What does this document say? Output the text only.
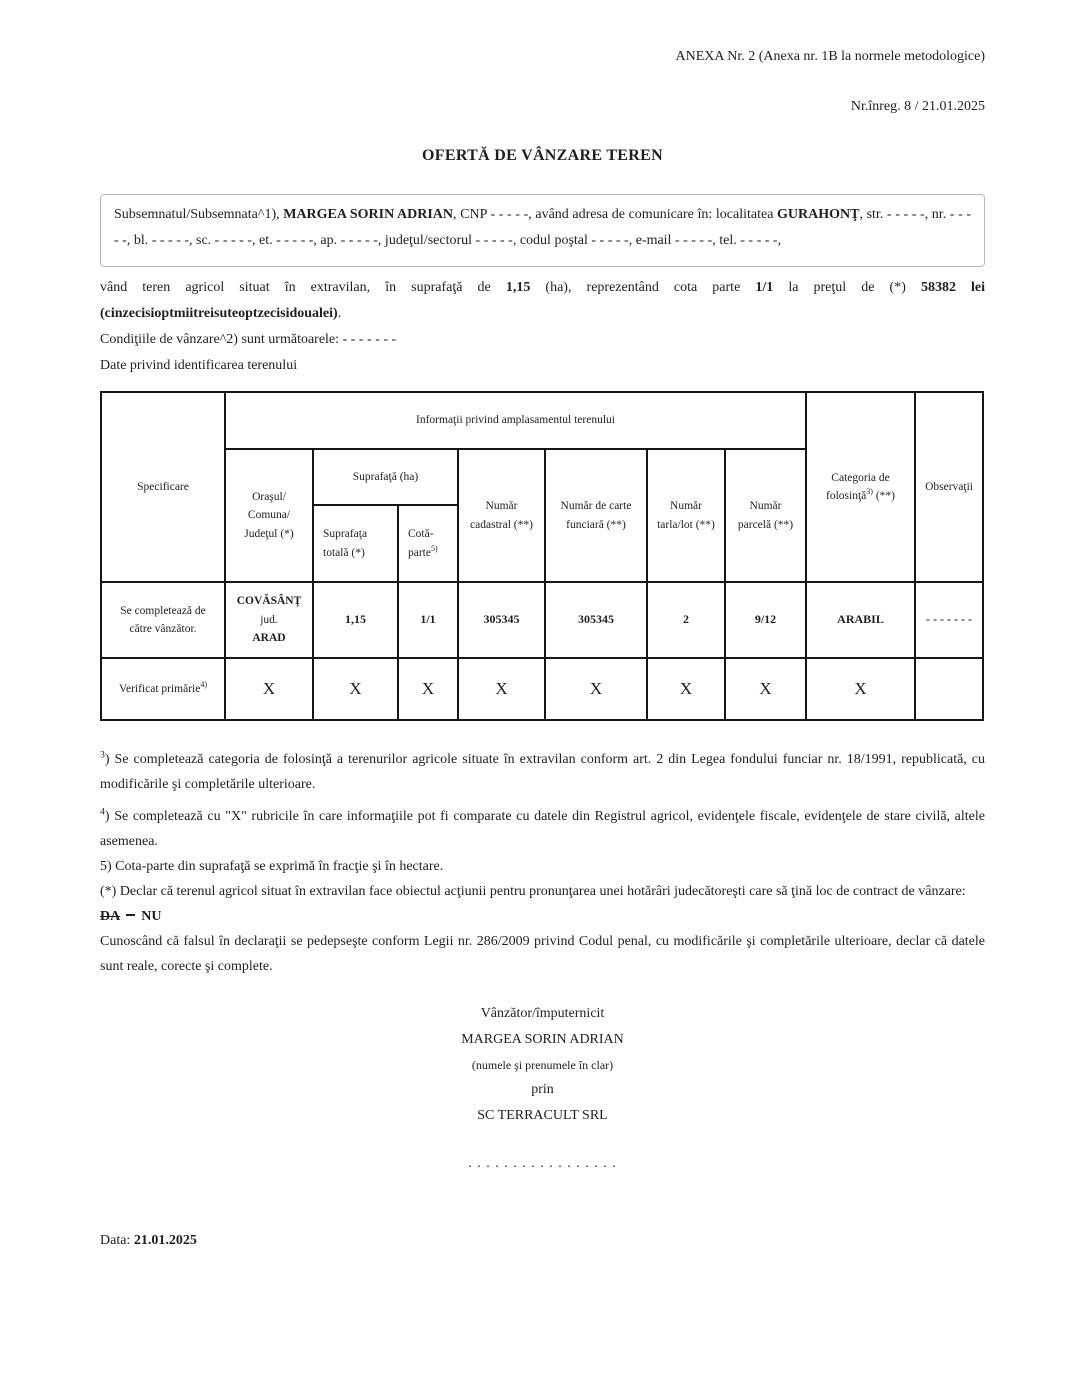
ANEXA Nr. 2 (Anexa nr. 1B la normele metodologice)
Nr.înreg. 8 / 21.01.2025
OFERTĂ DE VÂNZARE TEREN

Subsemnatul/Subsemnata^1), MARGEA SORIN ADRIAN, CNP - - - - -, având adresa de comunicare în: localitatea GURAHONŢ, str. - - - - -, nr. - - - - -, bl. - - - - -, sc. - - - - -, et. - - - - -, ap. - - - - -, judeţul/sectorul - - - - -, codul poştal - - - - -, e-mail - - - - -, tel. - - - - -,

vând teren agricol situat în extravilan, în suprafaţă de 1,15 (ha), reprezentând cota parte 1/1 la preţul de (*) 58382 lei (cinzecisioptmiitreisuteoptzecisidoualei).

Condiţiile de vânzare^2) sunt următoarele: - - - - - - -

Date privind identificarea terenului

Specificare	Informaţii privind amplasamentul terenului							Categoria de folosinţă$^{3)}$ (**)	Observaţii
	Oraşul/ Comuna/ Judeţul (*)	Suprafaţă (ha)		Număr cadastral (**)	Număr de carte funciară (**)	Număr tarla/lot (**)	Număr parcelă (**)		
		Suprafaţa totală (*)	Cotă-parte$^{5)}$
Se completează de către vânzător.	COVĂSÂNŢ
jud.
ARAD	1,15	1/1	305345	305345	2	9/12	ARABIL	- - - - - - -
Verificat primărie$^{4)}$	X	X	X	X	X	X	X	X	

$^3$) Se completează categoria de folosinţă a terenurilor agricole situate în extravilan conform art. 2 din Legea fondului funciar nr. 18/1991, republicată, cu modificările şi completările ulterioare.

$^4$) Se completează cu "X" rubricile în care informaţiile pot fi comparate cu datele din Registrul agricol, evidenţele fiscale, evidenţele de stare civilă, altele asemenea.

5) Cota-parte din suprafaţă se exprimă în fracţie şi în hectare.

(*) Declar că terenul agricol situat în extravilan face obiectul acţiunii pentru pronunţarea unei hotărâri judecătoreşti care să ţină loc de contract de vânzare:

DA NU

Cunoscând că falsul în declaraţii se pedepseşte conform Legii nr. 286/2009 privind Codul penal, cu modificările şi completările ulterioare, declar că datele sunt reale, corecte şi complete.

Vânzător/împuternicit
MARGEA SORIN ADRIAN
(numele şi prenumele în clar)
prin
SC TERRACULT SRL
. . . . . . . . . . . . . . . . .

Data: 21.01.2025
